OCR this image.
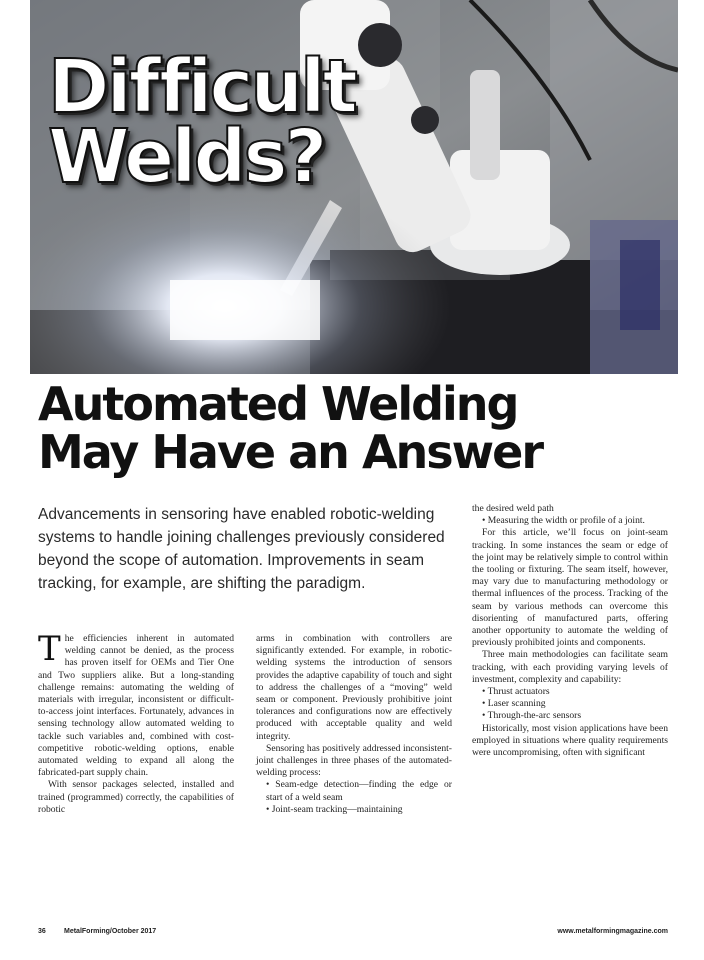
Difficult
Welds?
Automated Welding
May Have an Answer
Advancements in sensoring have enabled robotic-welding systems to handle joining challenges previously considered beyond the scope of automation. Improvements in seam tracking, for example, are shifting the paradigm.

The efficiencies inherent in automated welding cannot be denied, as the process has proven itself for OEMs and Tier One and Two suppliers alike. But a long-standing challenge remains: automating the welding of materials with irregular, inconsistent or difficult-to-access joint interfaces. Fortunately, advances in sensing technology allow automated welding to tackle such variables and, combined with cost-competitive robotic-welding options, enable automated welding to expand all along the fabricated-part supply chain.

With sensor packages selected, installed and trained (programmed) correctly, the capabilities of robotic

arms in combination with controllers are significantly extended. For example, in robotic-welding systems the introduction of sensors provides the adaptive capability of touch and sight to address the challenges of a “moving” weld seam or component. Previously prohibitive joint tolerances and configurations now are effectively produced with acceptable quality and weld integrity.

Sensoring has positively addressed inconsistent-joint challenges in three phases of the automated-welding process:

• Seam-edge detection—finding the edge or start of a weld seam

• Joint-seam tracking—maintaining

the desired weld path

• Measuring the width or profile of a joint.

For this article, we’ll focus on joint-seam tracking. In some instances the seam or edge of the joint may be relatively simple to control within the tooling or fixturing. The seam itself, however, may vary due to manufacturing methodology or thermal influences of the process. Tracking of the seam by various methods can overcome this disorienting of manufactured parts, offering another opportunity to automate the welding of previously prohibited joints and components.

Three main methodologies can facilitate seam tracking, with each providing varying levels of investment, complexity and capability:

• Thrust actuators

• Laser scanning

• Through-the-arc sensors

Historically, most vision applications have been employed in situations where quality requirements were uncompromising, often with significant

36	MetalForming/October 2017	www.metalformingmagazine.com
